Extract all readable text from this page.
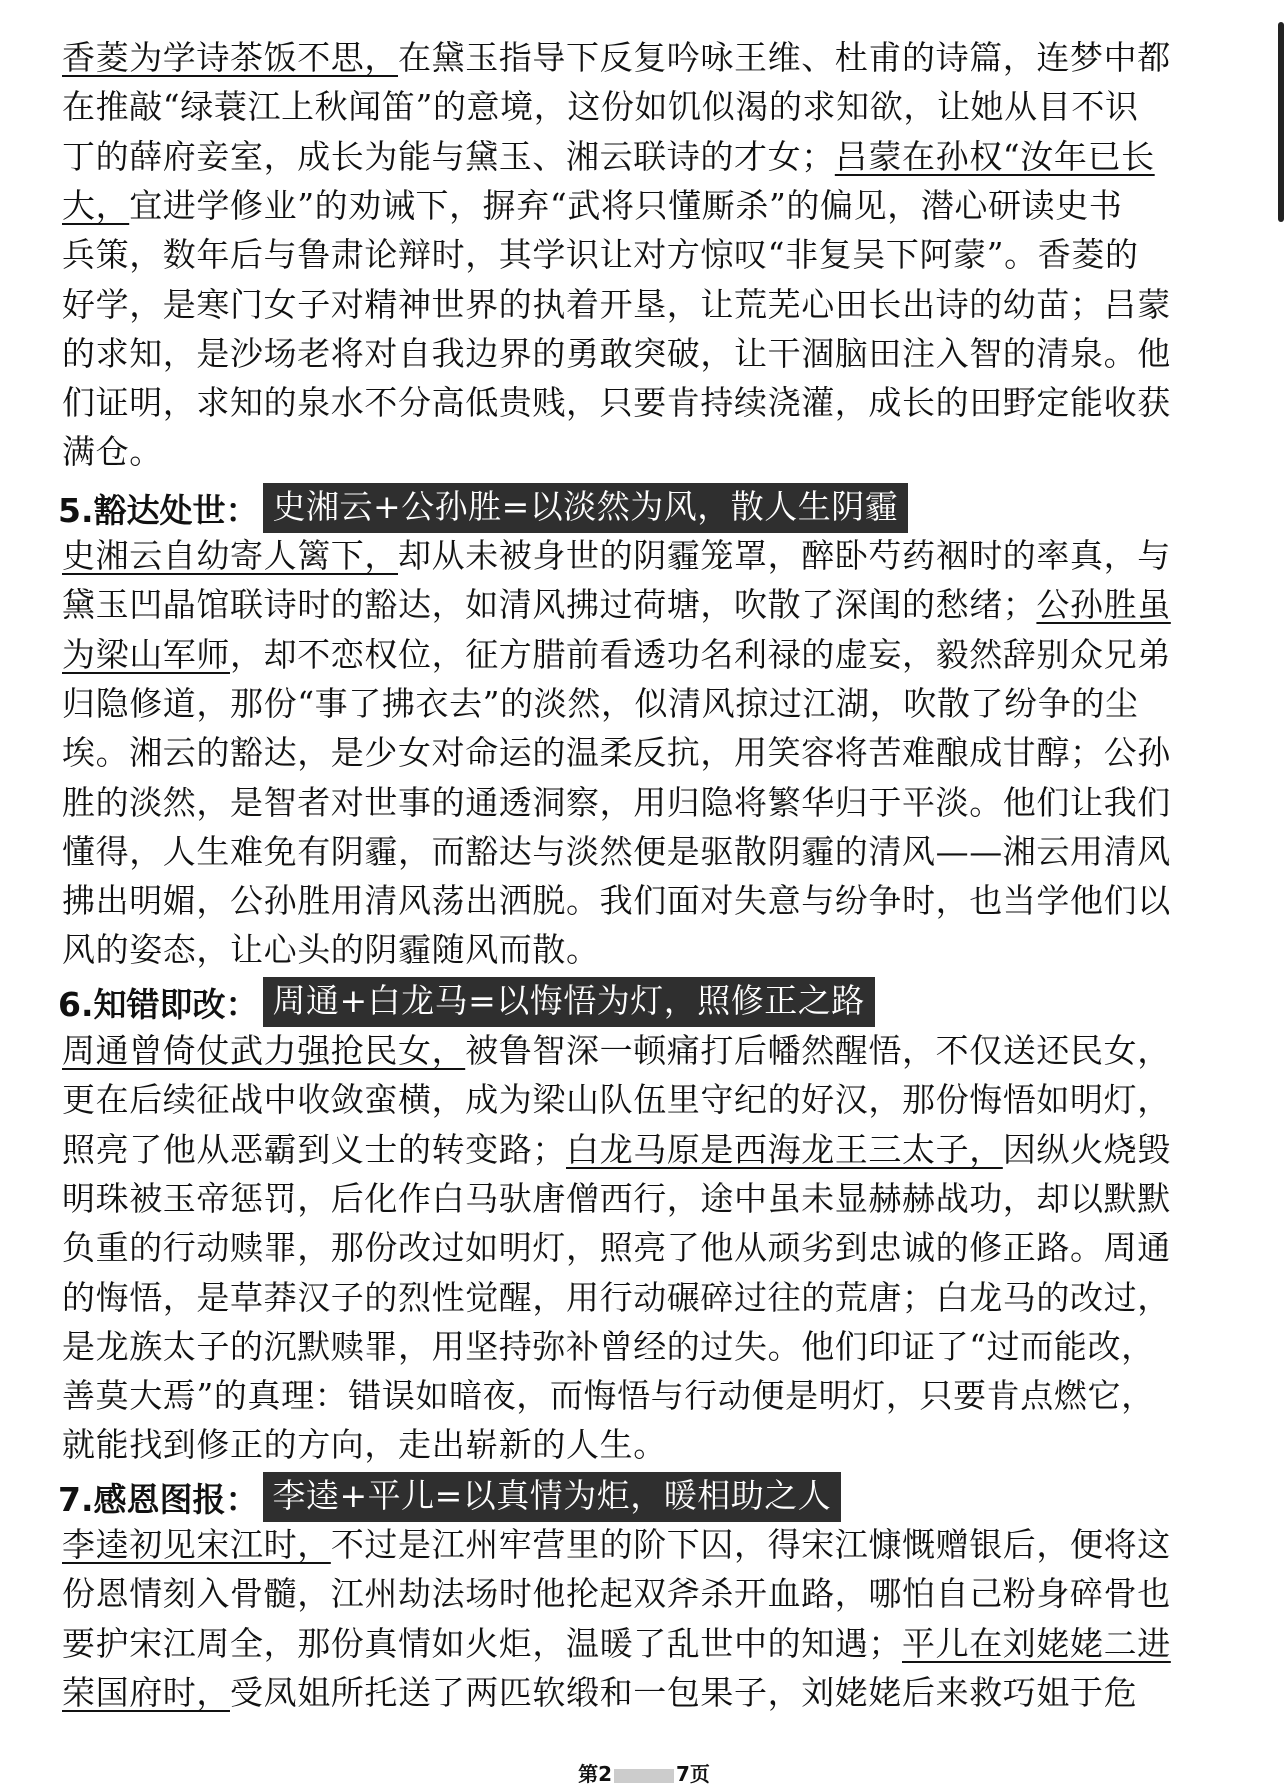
香菱为学诗茶饭不思，在黛玉指导下反复吟咏王维、杜甫的诗篇，连梦中都
在推敲“绿蓑江上秋闻笛”的意境，这份如饥似渴的求知欲，让她从目不识
丁的薛府妾室，成长为能与黛玉、湘云联诗的才女；吕蒙在孙权“汝年已长
大，宜进学修业”的劝诫下，摒弃“武将只懂厮杀”的偏见，潜心研读史书
兵策，数年后与鲁肃论辩时，其学识让对方惊叹“非复吴下阿蒙”。香菱的
好学，是寒门女子对精神世界的执着开垦，让荒芜心田长出诗的幼苗；吕蒙
的求知，是沙场老将对自我边界的勇敢突破，让干涸脑田注入智的清泉。他
们证明，求知的泉水不分高低贵贱，只要肯持续浇灌，成长的田野定能收获
满仓。
5.豁达处世： 史湘云+公孙胜=以淡然为风，散人生阴霾
史湘云自幼寄人篱下，却从未被身世的阴霾笼罩，醉卧芍药裀时的率真，与
黛玉凹晶馆联诗时的豁达，如清风拂过荷塘，吹散了深闺的愁绪；公孙胜虽
为梁山军师，却不恋权位，征方腊前看透功名利禄的虚妄，毅然辞别众兄弟
归隐修道，那份“事了拂衣去”的淡然，似清风掠过江湖，吹散了纷争的尘
埃。湘云的豁达，是少女对命运的温柔反抗，用笑容将苦难酿成甘醇；公孙
胜的淡然，是智者对世事的通透洞察，用归隐将繁华归于平淡。他们让我们
懂得，人生难免有阴霾，而豁达与淡然便是驱散阴霾的清风——湘云用清风
拂出明媚，公孙胜用清风荡出洒脱。我们面对失意与纷争时，也当学他们以
风的姿态，让心头的阴霾随风而散。
6.知错即改： 周通+白龙马=以悔悟为灯，照修正之路
周通曾倚仗武力强抢民女，被鲁智深一顿痛打后幡然醒悟，不仅送还民女，
更在后续征战中收敛蛮横，成为梁山队伍里守纪的好汉，那份悔悟如明灯，
照亮了他从恶霸到义士的转变路；白龙马原是西海龙王三太子，因纵火烧毁
明珠被玉帝惩罚，后化作白马驮唐僧西行，途中虽未显赫赫战功，却以默默
负重的行动赎罪，那份改过如明灯，照亮了他从顽劣到忠诚的修正路。周通
的悔悟，是草莽汉子的烈性觉醒，用行动碾碎过往的荒唐；白龙马的改过，
是龙族太子的沉默赎罪，用坚持弥补曾经的过失。他们印证了“过而能改，
善莫大焉”的真理：错误如暗夜，而悔悟与行动便是明灯，只要肯点燃它，
就能找到修正的方向，走出崭新的人生。
7.感恩图报： 李逵+平儿=以真情为炬，暖相助之人
李逵初见宋江时，不过是江州牢营里的阶下囚，得宋江慷慨赠银后，便将这
份恩情刻入骨髓，江州劫法场时他抡起双斧杀开血路，哪怕自己粉身碎骨也
要护宋江周全，那份真情如火炬，温暖了乱世中的知遇；平儿在刘姥姥二进
荣国府时，受凤姐所托送了两匹软缎和一包果子，刘姥姥后来救巧姐于危
第2	7页
